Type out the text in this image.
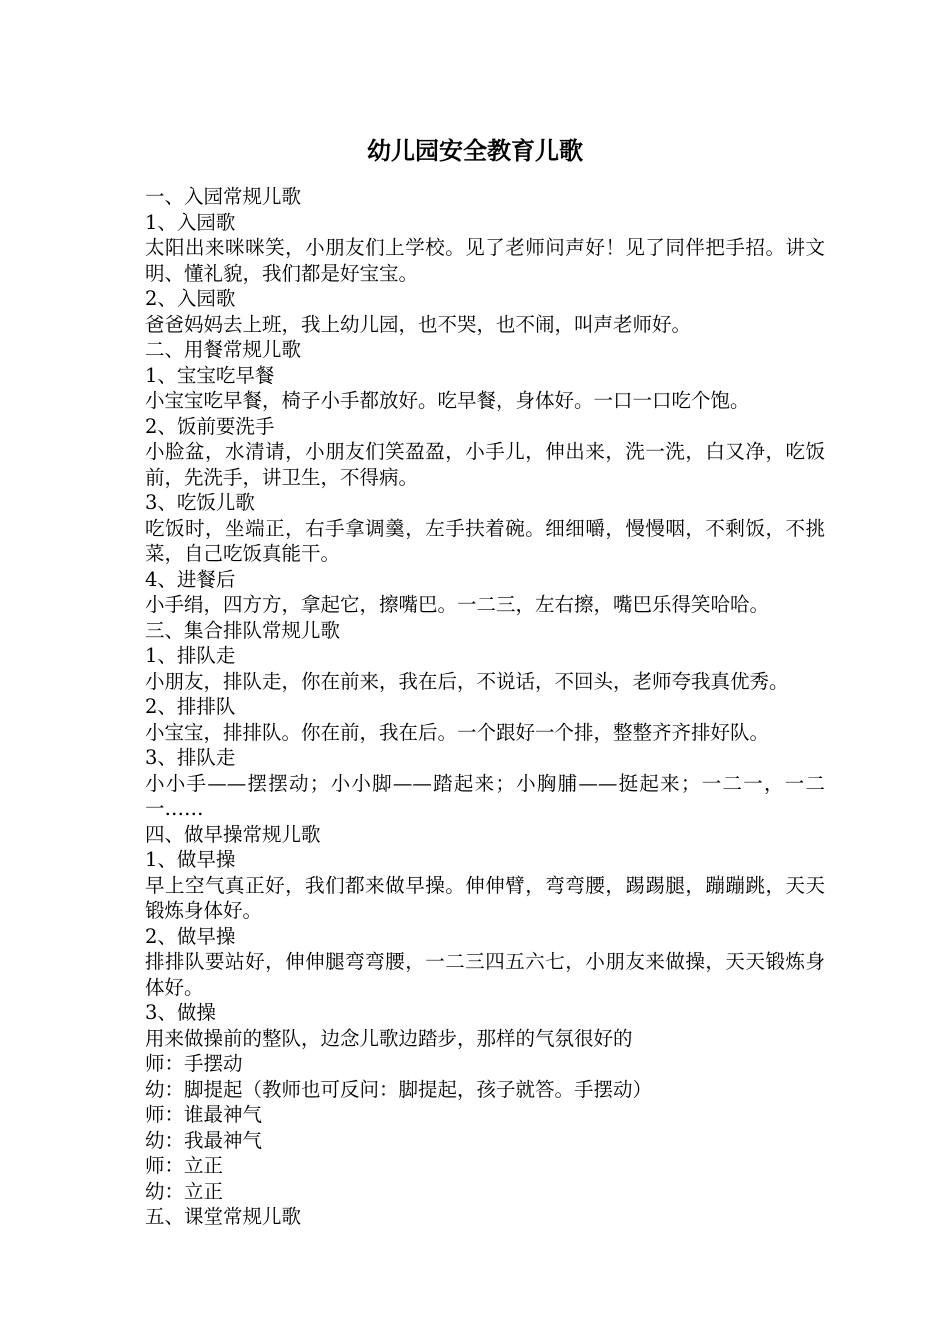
幼儿园安全教育儿歌

一、入园常规儿歌

1、入园歌

太阳出来咪咪笑，小朋友们上学校。见了老师问声好！见了同伴把手招。讲文明、懂礼貌，我们都是好宝宝。

2、入园歌

爸爸妈妈去上班，我上幼儿园，也不哭，也不闹，叫声老师好。

二、用餐常规儿歌

1、宝宝吃早餐

小宝宝吃早餐，椅子小手都放好。吃早餐，身体好。一口一口吃个饱。

2、饭前要洗手

小脸盆，水清请，小朋友们笑盈盈，小手儿，伸出来，洗一洗，白又净，吃饭前，先洗手，讲卫生，不得病。

3、吃饭儿歌

吃饭时，坐端正，右手拿调羹，左手扶着碗。细细嚼，慢慢咽，不剩饭，不挑菜，自己吃饭真能干。

4、进餐后

小手绢，四方方，拿起它，擦嘴巴。一二三，左右擦，嘴巴乐得笑哈哈。

三、集合排队常规儿歌

1、排队走

小朋友，排队走，你在前来，我在后，不说话，不回头，老师夸我真优秀。

2、排排队

小宝宝，排排队。你在前，我在后。一个跟好一个排，整整齐齐排好队。

3、排队走

小小手——摆摆动；小小脚——踏起来；小胸脯——挺起来；一二一，一二一……

四、做早操常规儿歌

1、做早操

早上空气真正好，我们都来做早操。伸伸臂，弯弯腰，踢踢腿，蹦蹦跳，天天锻炼身体好。

2、做早操

排排队要站好，伸伸腿弯弯腰，一二三四五六七，小朋友来做操，天天锻炼身体好。

3、做操

用来做操前的整队，边念儿歌边踏步，那样的气氛很好的

师：手摆动

幼：脚提起（教师也可反问：脚提起，孩子就答。手摆动）

师：谁最神气

幼：我最神气

师：立正

幼：立正

五、课堂常规儿歌
